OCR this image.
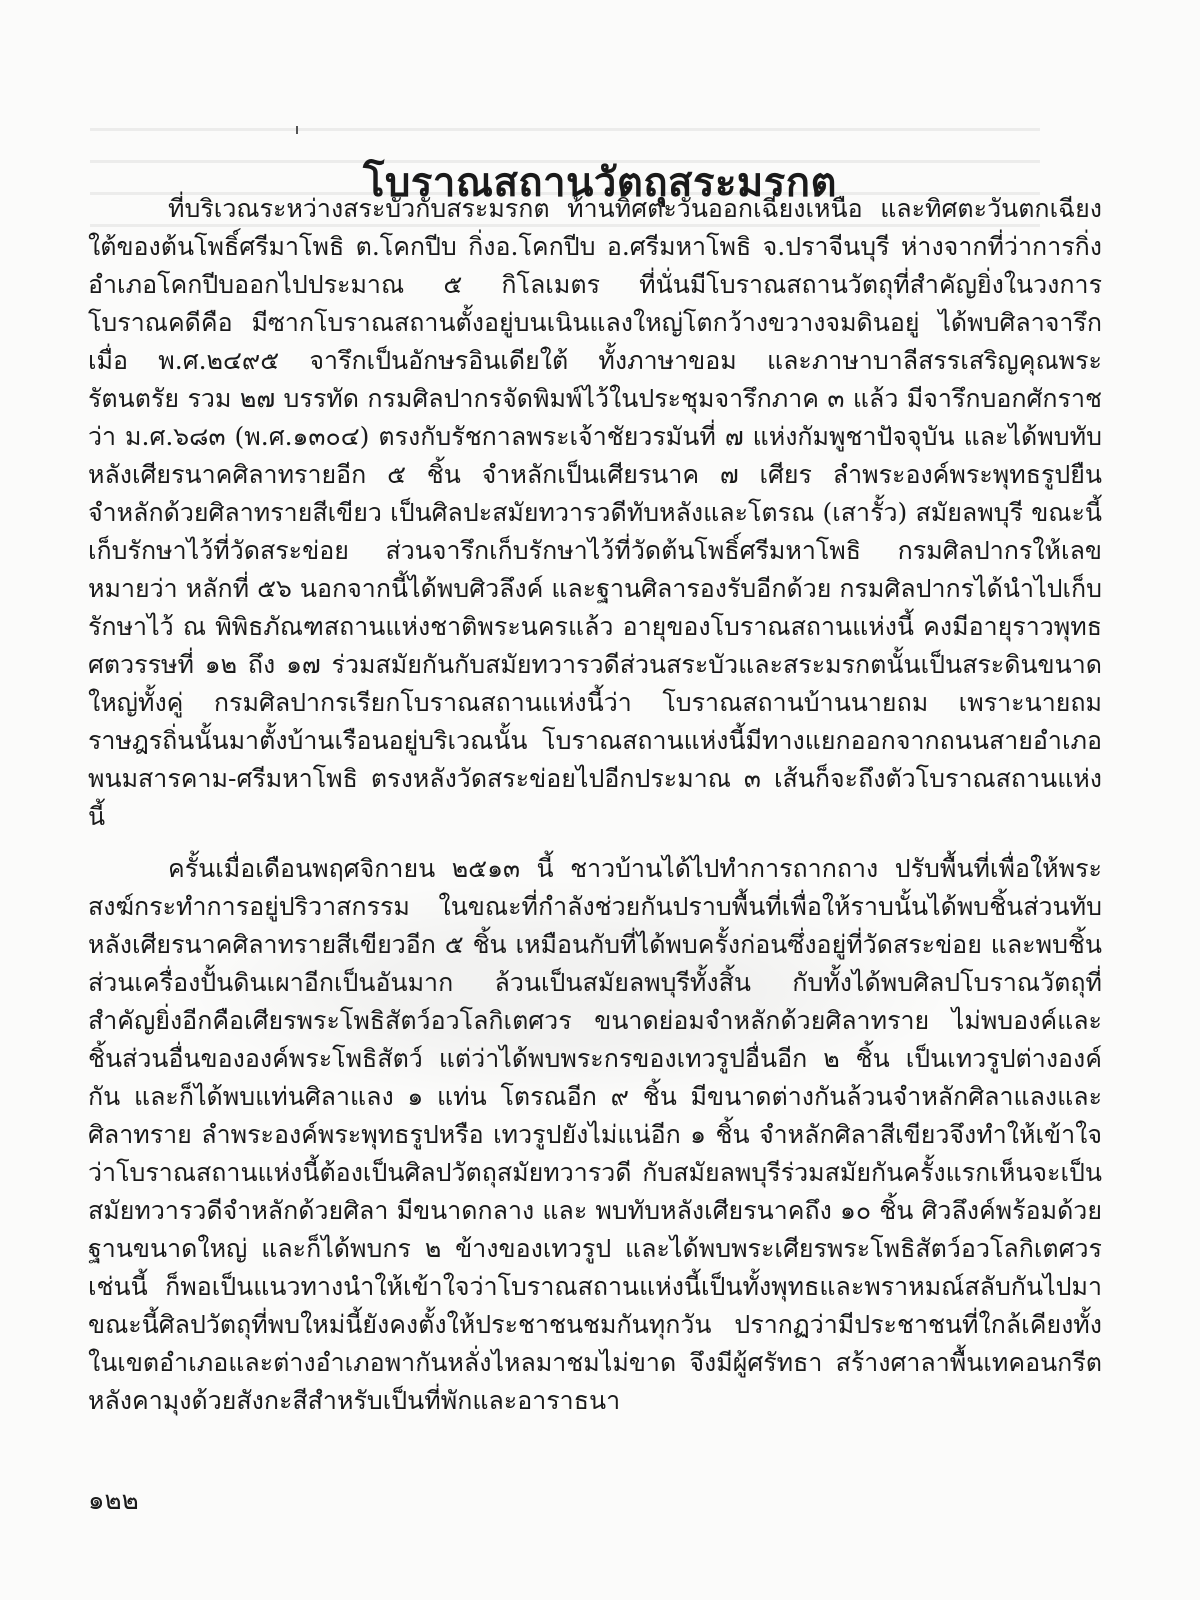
โบราณสถานวัตถุสระมรกต

ที่บริเวณระหว่างสระบัวกับสระมรกต ท้านทิศตะวันออกเฉียงเหนือ และทิศตะวันตกเฉียงใต้ของต้นโพธิ์ศรีมาโพธิ ต.โคกปีบ กิ่งอ.โคกปีบ อ.ศรีมหาโพธิ จ.ปราจีนบุรี ห่างจากที่ว่าการกิ่งอำเภอโคกปีบออกไปประมาณ ๕ กิโลเมตร ที่นั่นมีโบราณสถานวัตถุที่สำคัญยิ่งในวงการโบราณคดีคือ มีซากโบราณสถานตั้งอยู่บนเนินแลงใหญ่โตกว้างขวางจมดินอยู่ ได้พบศิลาจารึกเมื่อ พ.ศ.๒๔๙๕ จารึกเป็นอักษรอินเดียใต้ ทั้งภาษาขอม และภาษาบาลีสรรเสริญคุณพระรัตนตรัย รวม ๒๗ บรรทัด กรมศิลปากรจัดพิมพ์ไว้ในประชุมจารึกภาค ๓ แล้ว มีจารึกบอกศักราชว่า ม.ศ.๖๘๓ (พ.ศ.๑๓๐๔) ตรงกับรัชกาลพระเจ้าชัยวรมันที่ ๗ แห่งกัมพูชาปัจจุบัน และได้พบทับหลังเศียรนาคศิลาทรายอีก ๕ ชิ้น จำหลักเป็นเศียรนาค ๗ เศียร ลำพระองค์พระพุทธรูปยืน จำหลักด้วยศิลาทรายสีเขียว เป็นศิลปะสมัยทวารวดีทับหลังและโตรณ (เสารั้ว) สมัยลพบุรี ขณะนี้เก็บรักษาไว้ที่วัดสระข่อย ส่วนจารึกเก็บรักษาไว้ที่วัดต้นโพธิ์ศรีมหาโพธิ กรมศิลปากรให้เลขหมายว่า หลักที่ ๕๖ นอกจากนี้ได้พบศิวลึงค์ และฐานศิลารองรับอีกด้วย กรมศิลปากรได้นำไปเก็บรักษาไว้ ณ พิพิธภัณฑสถานแห่งชาติพระนครแล้ว อายุของโบราณสถานแห่งนี้ คงมีอายุราวพุทธศตวรรษที่ ๑๒ ถึง ๑๗ ร่วมสมัยกันกับสมัยทวารวดีส่วนสระบัวและสระมรกตนั้นเป็นสระดินขนาดใหญ่ทั้งคู่ กรมศิลปากรเรียกโบราณสถานแห่งนี้ว่า โบราณสถานบ้านนายถม เพราะนายถมราษฎรถิ่นนั้นมาตั้งบ้านเรือนอยู่บริเวณนั้น โบราณสถานแห่งนี้มีทางแยกออกจากถนนสายอำเภอพนมสารคาม-ศรีมหาโพธิ ตรงหลังวัดสระข่อยไปอีกประมาณ ๓ เส้นก็จะถึงตัวโบราณสถานแห่งนี้

ครั้นเมื่อเดือนพฤศจิกายน ๒๕๑๓ นี้ ชาวบ้านได้ไปทำการถากถาง ปรับพื้นที่เพื่อให้พระสงฆ์กระทำการอยู่ปริวาสกรรม ในขณะที่กำลังช่วยกันปราบพื้นที่เพื่อให้ราบนั้นได้พบชิ้นส่วนทับหลังเศียรนาคศิลาทรายสีเขียวอีก ๕ ชิ้น เหมือนกับที่ได้พบครั้งก่อนซึ่งอยู่ที่วัดสระข่อย และพบชิ้นส่วนเครื่องปั้นดินเผาอีกเป็นอันมาก ล้วนเป็นสมัยลพบุรีทั้งสิ้น กับทั้งได้พบศิลปโบราณวัตถุที่สำคัญยิ่งอีกคือเศียรพระโพธิสัตว์อวโลกิเตศวร ขนาดย่อมจำหลักด้วยศิลาทราย ไม่พบองค์และชิ้นส่วนอื่นขององค์พระโพธิสัตว์ แต่ว่าได้พบพระกรของเทวรูปอื่นอีก ๒ ชิ้น เป็นเทวรูปต่างองค์กัน และก็ได้พบแท่นศิลาแลง ๑ แท่น โตรณอีก ๙ ชิ้น มีขนาดต่างกันล้วนจำหลักศิลาแลงและศิลาทราย ลำพระองค์พระพุทธรูปหรือ เทวรูปยังไม่แน่อีก ๑ ชิ้น จำหลักศิลาสีเขียวจึงทำให้เข้าใจว่าโบราณสถานแห่งนี้ต้องเป็นศิลปวัตถุสมัยทวารวดี กับสมัยลพบุรีร่วมสมัยกันครั้งแรกเห็นจะเป็นสมัยทวารวดีจำหลักด้วยศิลา มีขนาดกลาง และ พบทับหลังเศียรนาคถึง ๑๐ ชิ้น ศิวลึงค์พร้อมด้วยฐานขนาดใหญ่ และก็ได้พบกร ๒ ข้างของเทวรูป และได้พบพระเศียรพระโพธิสัตว์อวโลกิเตศวรเช่นนี้ ก็พอเป็นแนวทางนำให้เข้าใจว่าโบราณสถานแห่งนี้เป็นทั้งพุทธและพราหมณ์สลับกันไปมา ขณะนี้ศิลปวัตถุที่พบใหม่นี้ยังคงตั้งให้ประชาชนชมกันทุกวัน ปรากฏว่ามีประชาชนที่ใกล้เคียงทั้งในเขตอำเภอและต่างอำเภอพากันหลั่งไหลมาชมไม่ขาด จึงมีผู้ศรัทธา สร้างศาลาพื้นเทคอนกรีตหลังคามุงด้วยสังกะสีสำหรับเป็นที่พักและอาราธนา

๑๒๒
